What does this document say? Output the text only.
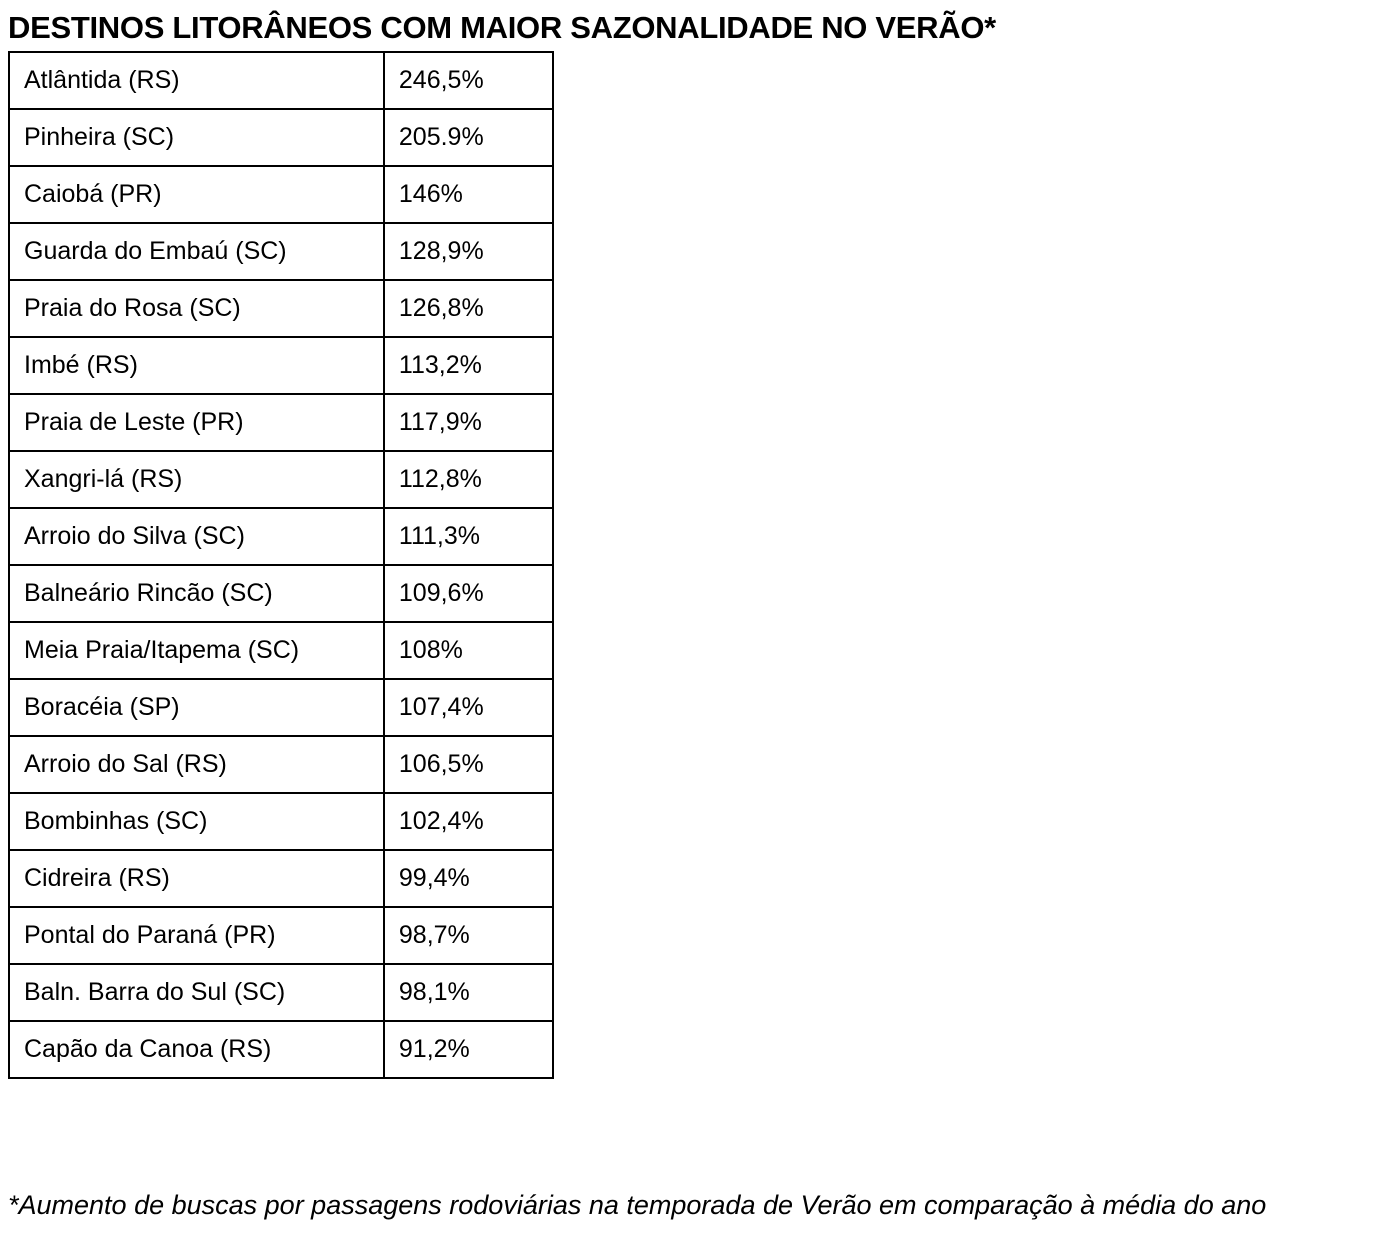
DESTINOS LITORÂNEOS COM MAIOR SAZONALIDADE NO VERÃO*
Atlântida (RS)	246,5%
Pinheira (SC)	205.9%
Caiobá (PR)	146%
Guarda do Embaú (SC)	128,9%
Praia do Rosa (SC)	126,8%
Imbé (RS)	113,2%
Praia de Leste (PR)	117,9%
Xangri-lá (RS)	112,8%
Arroio do Silva (SC)	111,3%
Balneário Rincão (SC)	109,6%
Meia Praia/Itapema (SC)	108%
Boracéia (SP)	107,4%
Arroio do Sal (RS)	106,5%
Bombinhas (SC)	102,4%
Cidreira (RS)	99,4%
Pontal do Paraná (PR)	98,7%
Baln. Barra do Sul (SC)	98,1%
Capão da Canoa (RS)	91,2%
*Aumento de buscas por passagens rodoviárias na temporada de Verão em comparação à média do ano
